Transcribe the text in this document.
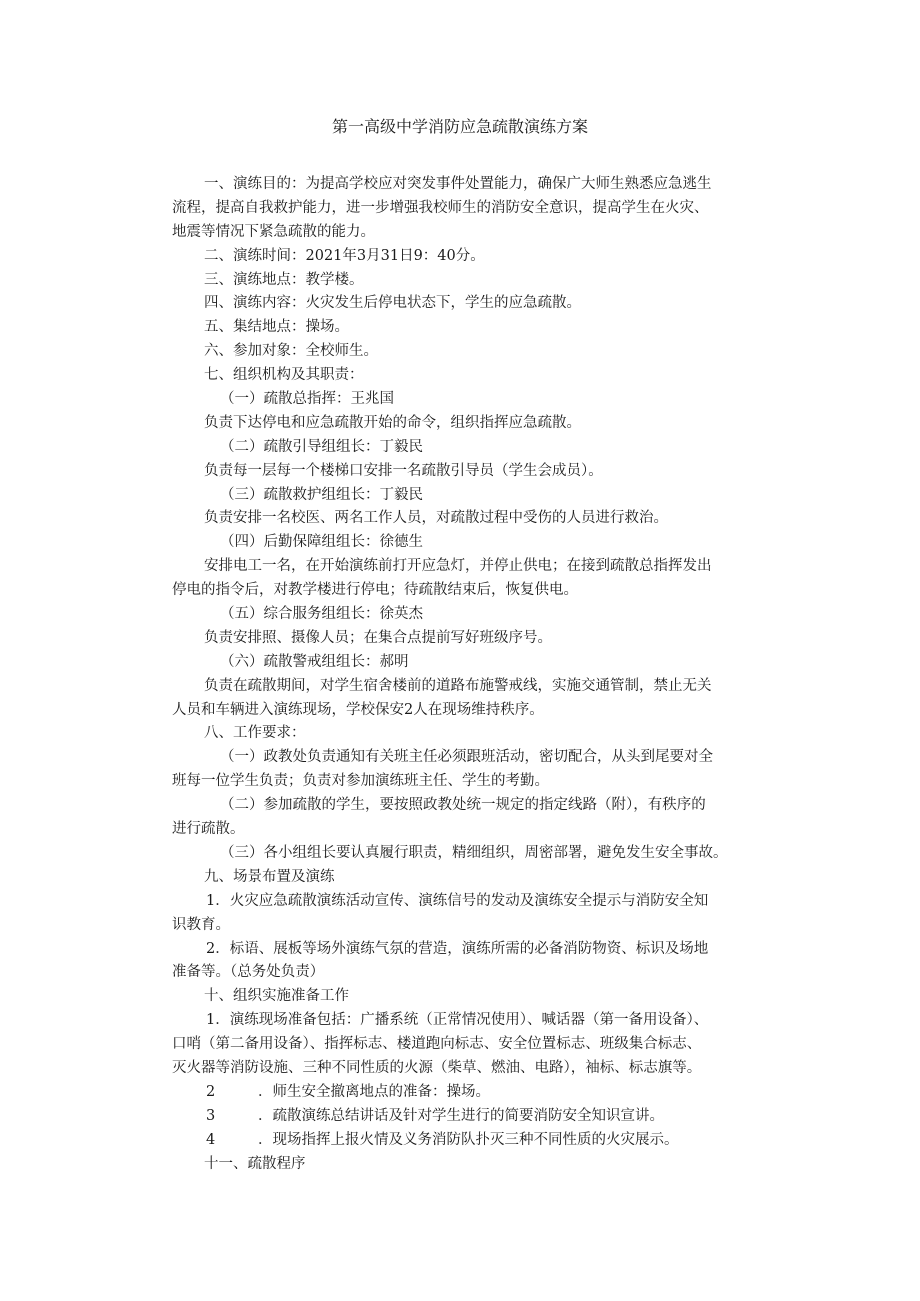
第一高级中学消防应急疏散演练方案
一、演练目的：为提高学校应对突发事件处置能力，确保广大师生熟悉应急逃生
流程，提高自我救护能力，进一步增强我校师生的消防安全意识，提高学生在火灾、
地震等情况下紧急疏散的能力。
二、演练时间：2021年3月31日9：40分。
三、演练地点：教学楼。
四、演练内容：火灾发生后停电状态下，学生的应急疏散。
五、集结地点：操场。
六、参加对象：全校师生。
七、组织机构及其职责：
（一）疏散总指挥：王兆国
负责下达停电和应急疏散开始的命令，组织指挥应急疏散。
（二）疏散引导组组长：丁毅民
负责每一层每一个楼梯口安排一名疏散引导员（学生会成员）。
（三）疏散救护组组长：丁毅民
负责安排一名校医、两名工作人员，对疏散过程中受伤的人员进行救治。
（四）后勤保障组组长：徐德生
安排电工一名，在开始演练前打开应急灯，并停止供电；在接到疏散总指挥发出
停电的指令后，对教学楼进行停电；待疏散结束后，恢复供电。
（五）综合服务组组长：徐英杰
负责安排照、摄像人员；在集合点提前写好班级序号。
（六）疏散警戒组组长：郝明
负责在疏散期间，对学生宿舍楼前的道路布施警戒线，实施交通管制，禁止无关
人员和车辆进入演练现场，学校保安2人在现场维持秩序。
八、工作要求：
（一）政教处负责通知有关班主任必须跟班活动，密切配合，从头到尾要对全
班每一位学生负责；负责对参加演练班主任、学生的考勤。
（二）参加疏散的学生，要按照政教处统一规定的指定线路（附），有秩序的
进行疏散。
（三）各小组组长要认真履行职责，精细组织，周密部署，避免发生安全事故。
九、场景布置及演练
1．火灾应急疏散演练活动宣传、演练信号的发动及演练安全提示与消防安全知
识教育。
2．标语、展板等场外演练气氛的营造，演练所需的必备消防物资、标识及场地
准备等。（总务处负责）
十、组织实施准备工作
1．演练现场准备包括：广播系统（正常情况使用）、喊话器（第一备用设备）、
口哨（第二备用设备）、指挥标志、楼道跑向标志、安全位置标志、班级集合标志、
灭火器等消防设施、三种不同性质的火源（柴草、燃油、电路），袖标、标志旗等。
2	．师生安全撤离地点的准备：操场。
3	．疏散演练总结讲话及针对学生进行的简要消防安全知识宣讲。
4	．现场指挥上报火情及义务消防队扑灭三种不同性质的火灾展示。
十一、疏散程序
